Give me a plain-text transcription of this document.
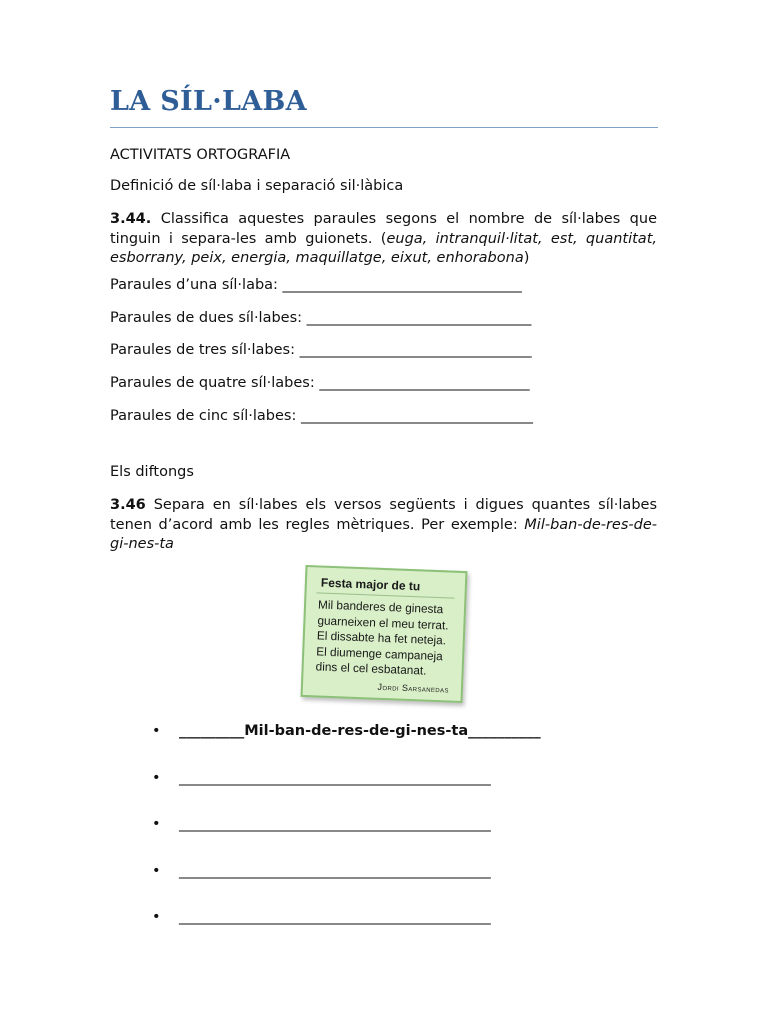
LA SÍL·LABA
ACTIVITATS ORTOGRAFIA
Definició de síl·laba i separació sil·làbica

3.44. Classifica aquestes paraules segons el nombre de síl·labes que tinguin i separa-les amb guionets. (euga, intranquil·litat, est, quantitat, esborrany, peix, energia, maquillatge, eixut, enhorabona)

Paraules d’una síl·laba: _________________________________
Paraules de dues síl·labes: _______________________________
Paraules de tres síl·labes: ________________________________
Paraules de quatre síl·labes: _____________________________
Paraules de cinc síl·labes: ________________________________
Els diftongs

3.46 Separa en síl·labes els versos següents i digues quantes síl·labes tenen d’acord amb les regles mètriques. Per exemple: Mil-ban-de-res-de-gi-nes-ta

Festa major de tu
Mil banderes de ginesta
guarneixen el meu terrat.
El dissabte ha fet neteja.
El diumenge campaneja
dins el cel esbatanat.
Jordi Sarsanedas
• _________Mil-ban-de-res-de-gi-nes-ta__________
• ___________________________________________
• ___________________________________________
• ___________________________________________
• ___________________________________________
